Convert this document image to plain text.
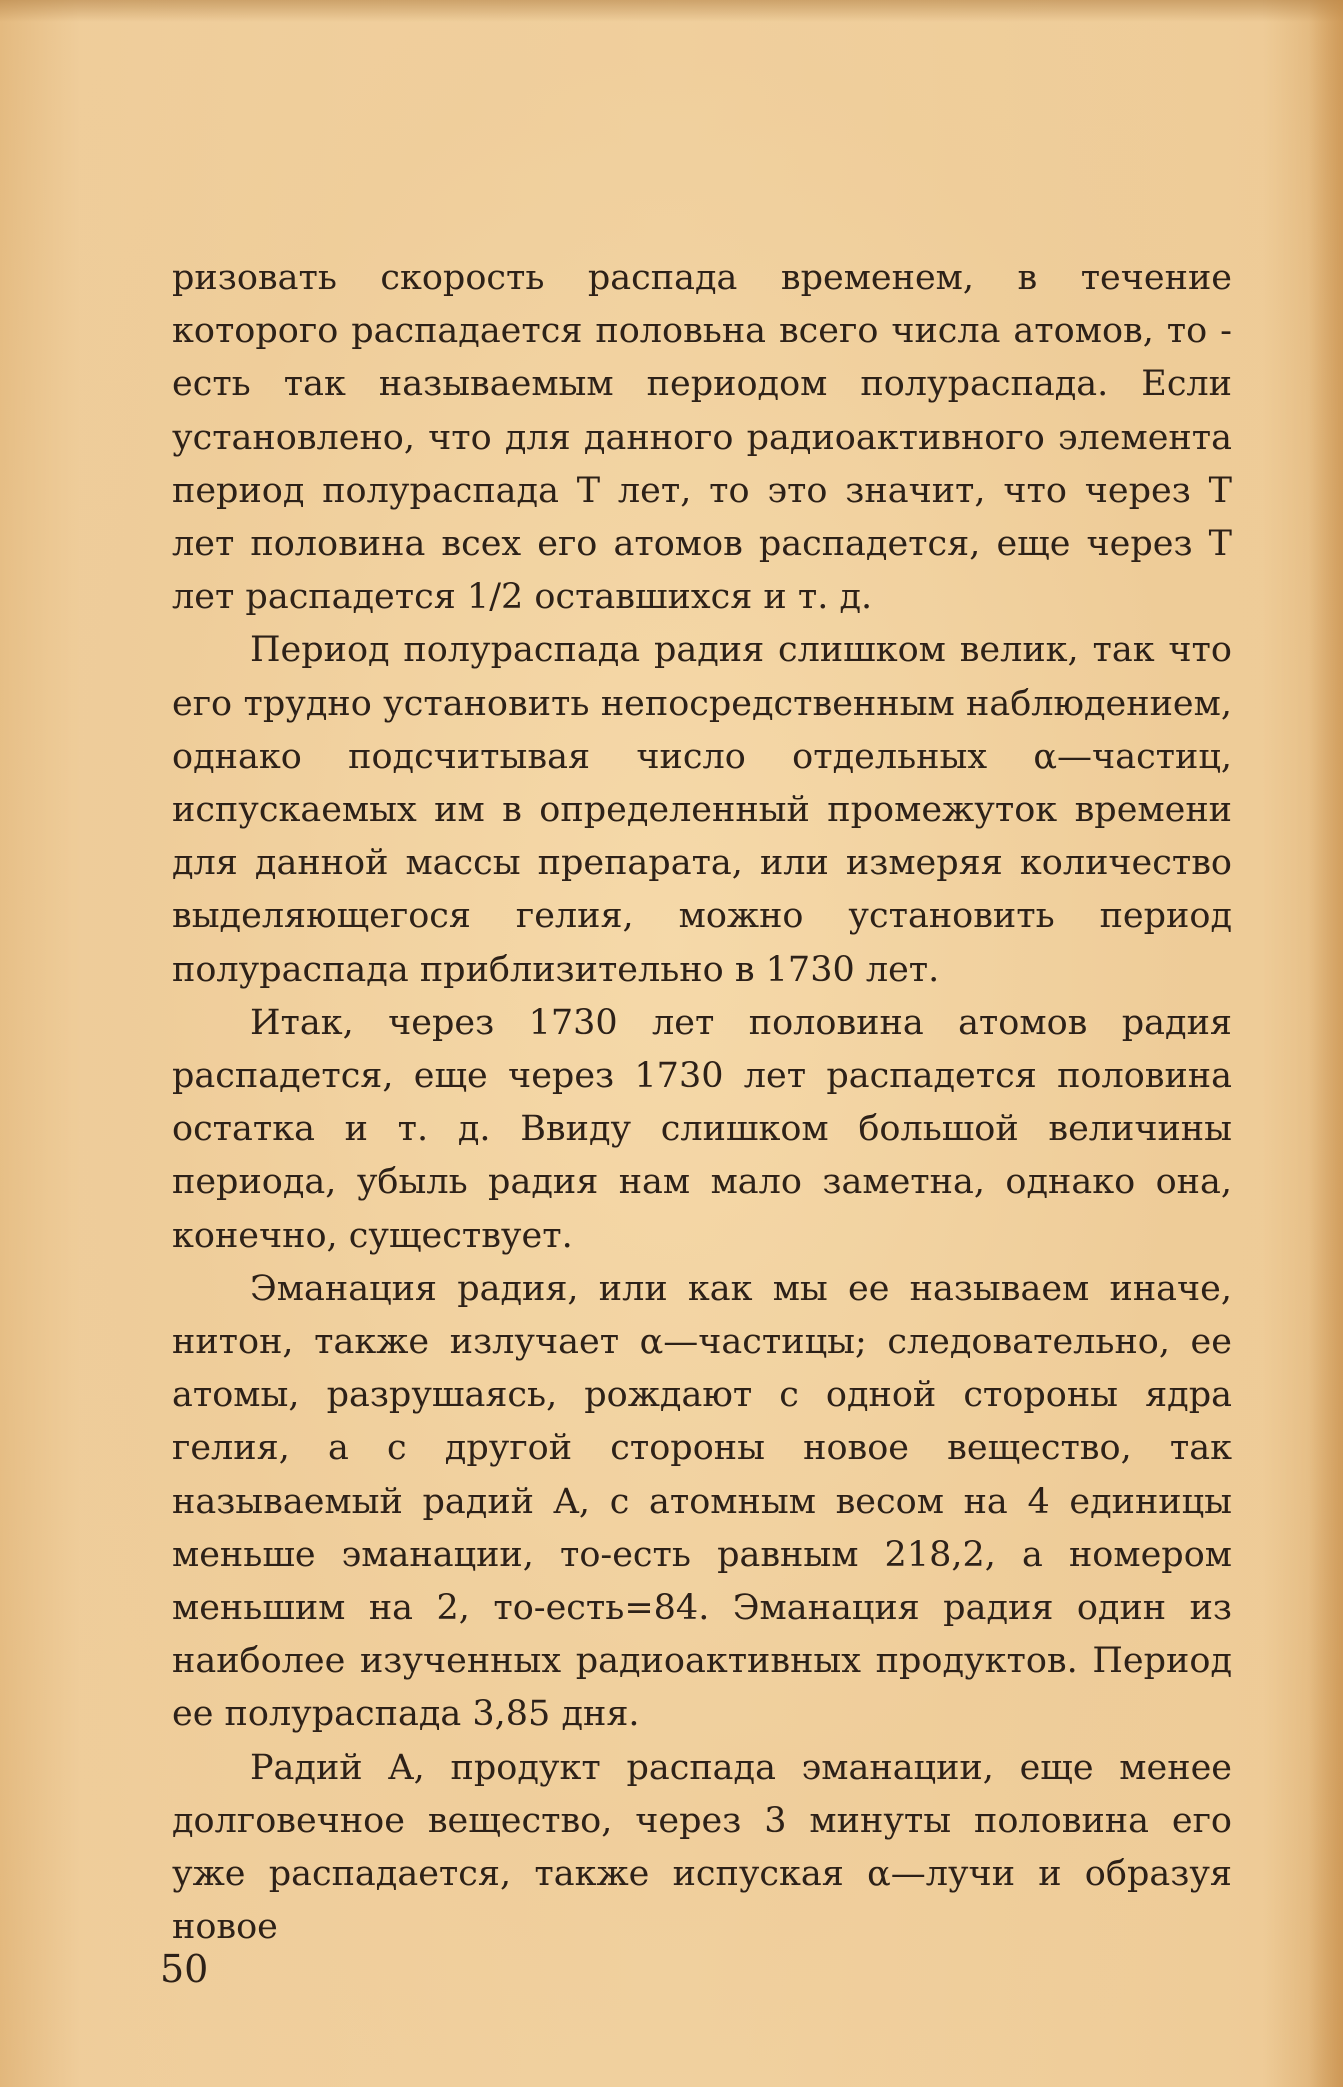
ризовать скорость распада временем, в течение которого распадается половьна всего числа атомов, то - есть так называемым периодом полураспада. Если установлено, что для данного радиоактивного элемента период полураспада T лет, то это значит, что через T лет половина всех его атомов распадется, еще через T лет распадется 1/2 оставшихся и т. д.

Период полураспада радия слишком велик, так что его трудно установить непосредственным наблюдением, однако подсчитывая число отдельных α—частиц, испускаемых им в определенный промежуток времени для данной массы препарата, или измеряя количество выделяющегося гелия, можно установить период полураспада приблизительно в 1730 лет.

Итак, через 1730 лет половина атомов радия распадется, еще через 1730 лет распадется половина остатка и т. д. Ввиду слишком большой величины периода, убыль радия нам мало заметна, однако она, конечно, существует.

Эманация радия, или как мы ее называем иначе, нитон, также излучает α—частицы; следовательно, ее атомы, разрушаясь, рождают с одной стороны ядра гелия, а с другой стороны новое вещество, так называемый радий A, с атомным весом на 4 единицы меньше эманации, то-есть равным 218,2, а номером меньшим на 2, то-есть=84. Эманация радия один из наиболее изученных радиоактивных продуктов. Период ее полураспада 3,85 дня.

Радий A, продукт распада эманации, еще менее долговечное вещество, через 3 минуты половина его уже распадается, также испуская α—лучи и образуя новое

50
